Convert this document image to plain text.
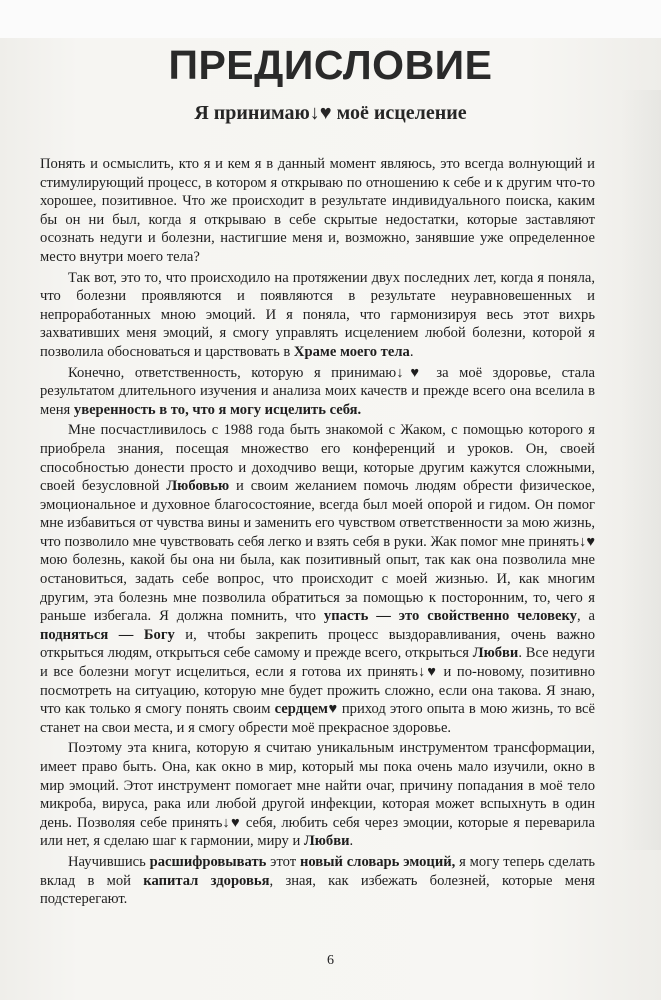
ПРЕДИСЛОВИЕ
Я принимаю↓♥ моё исцеление

Понять и осмыслить, кто я и кем я в данный момент являюсь, это всегда волнующий и стимулирующий процесс, в котором я открываю по отношению к себе и к другим что-то хорошее, позитивное. Что же происходит в результате индивидуального поиска, каким бы он ни был, когда я открываю в себе скрытые недостатки, которые заставляют осознать недуги и болезни, настигшие меня и, возможно, занявшие уже определенное место внутри моего тела?

Так вот, это то, что происходило на протяжении двух последних лет, когда я поняла, что болезни проявляются и появляются в результате неуравновешенных и непроработанных мною эмоций. И я поняла, что гармонизируя весь этот вихрь захвативших меня эмоций, я смогу управлять исцелением любой болезни, которой я позволила обосноваться и царствовать в Храме моего тела.

Конечно, ответственность, которую я принимаю↓♥ за моё здоровье, стала результатом длительного изучения и анализа моих качеств и прежде всего она вселила в меня уверенность в то, что я могу исцелить себя.

Мне посчастливилось с 1988 года быть знакомой с Жаком, с помощью которого я приобрела знания, посещая множество его конференций и уроков. Он, своей способностью донести просто и доходчиво вещи, которые другим кажутся сложными, своей безусловной Любовью и своим желанием помочь людям обрести физическое, эмоциональное и духовное благосостояние, всегда был моей опорой и гидом. Он помог мне избавиться от чувства вины и заменить его чувством ответственности за мою жизнь, что позволило мне чувствовать себя легко и взять себя в руки. Жак помог мне принять↓♥ мою болезнь, какой бы она ни была, как позитивный опыт, так как она позволила мне остановиться, задать себе вопрос, что происходит с моей жизнью. И, как многим другим, эта болезнь мне позволила обратиться за помощью к посторонним, то, чего я раньше избегала. Я должна помнить, что упасть — это свойственно человеку, а подняться — Богу и, чтобы закрепить процесс выздоравливания, очень важно открыться людям, открыться себе самому и прежде всего, открыться Любви. Все недуги и все болезни могут исцелиться, если я готова их принять↓♥ и по-новому, позитивно посмотреть на ситуацию, которую мне будет прожить сложно, если она такова. Я знаю, что как только я смогу понять своим сердцем♥ приход этого опыта в мою жизнь, то всё станет на свои места, и я смогу обрести моё прекрасное здоровье.

Поэтому эта книга, которую я считаю уникальным инструментом трансформации, имеет право быть. Она, как окно в мир, который мы пока очень мало изучили, окно в мир эмоций. Этот инструмент помогает мне найти очаг, причину попадания в моё тело микроба, вируса, рака или любой другой инфекции, которая может вспыхнуть в один день. Позволяя себе принять↓♥ себя, любить себя через эмоции, которые я переварила или нет, я сделаю шаг к гармонии, миру и Любви.

Научившись расшифровывать этот новый словарь эмоций, я могу теперь сделать вклад в мой капитал здоровья, зная, как избежать болезней, которые меня подстерегают.

6
